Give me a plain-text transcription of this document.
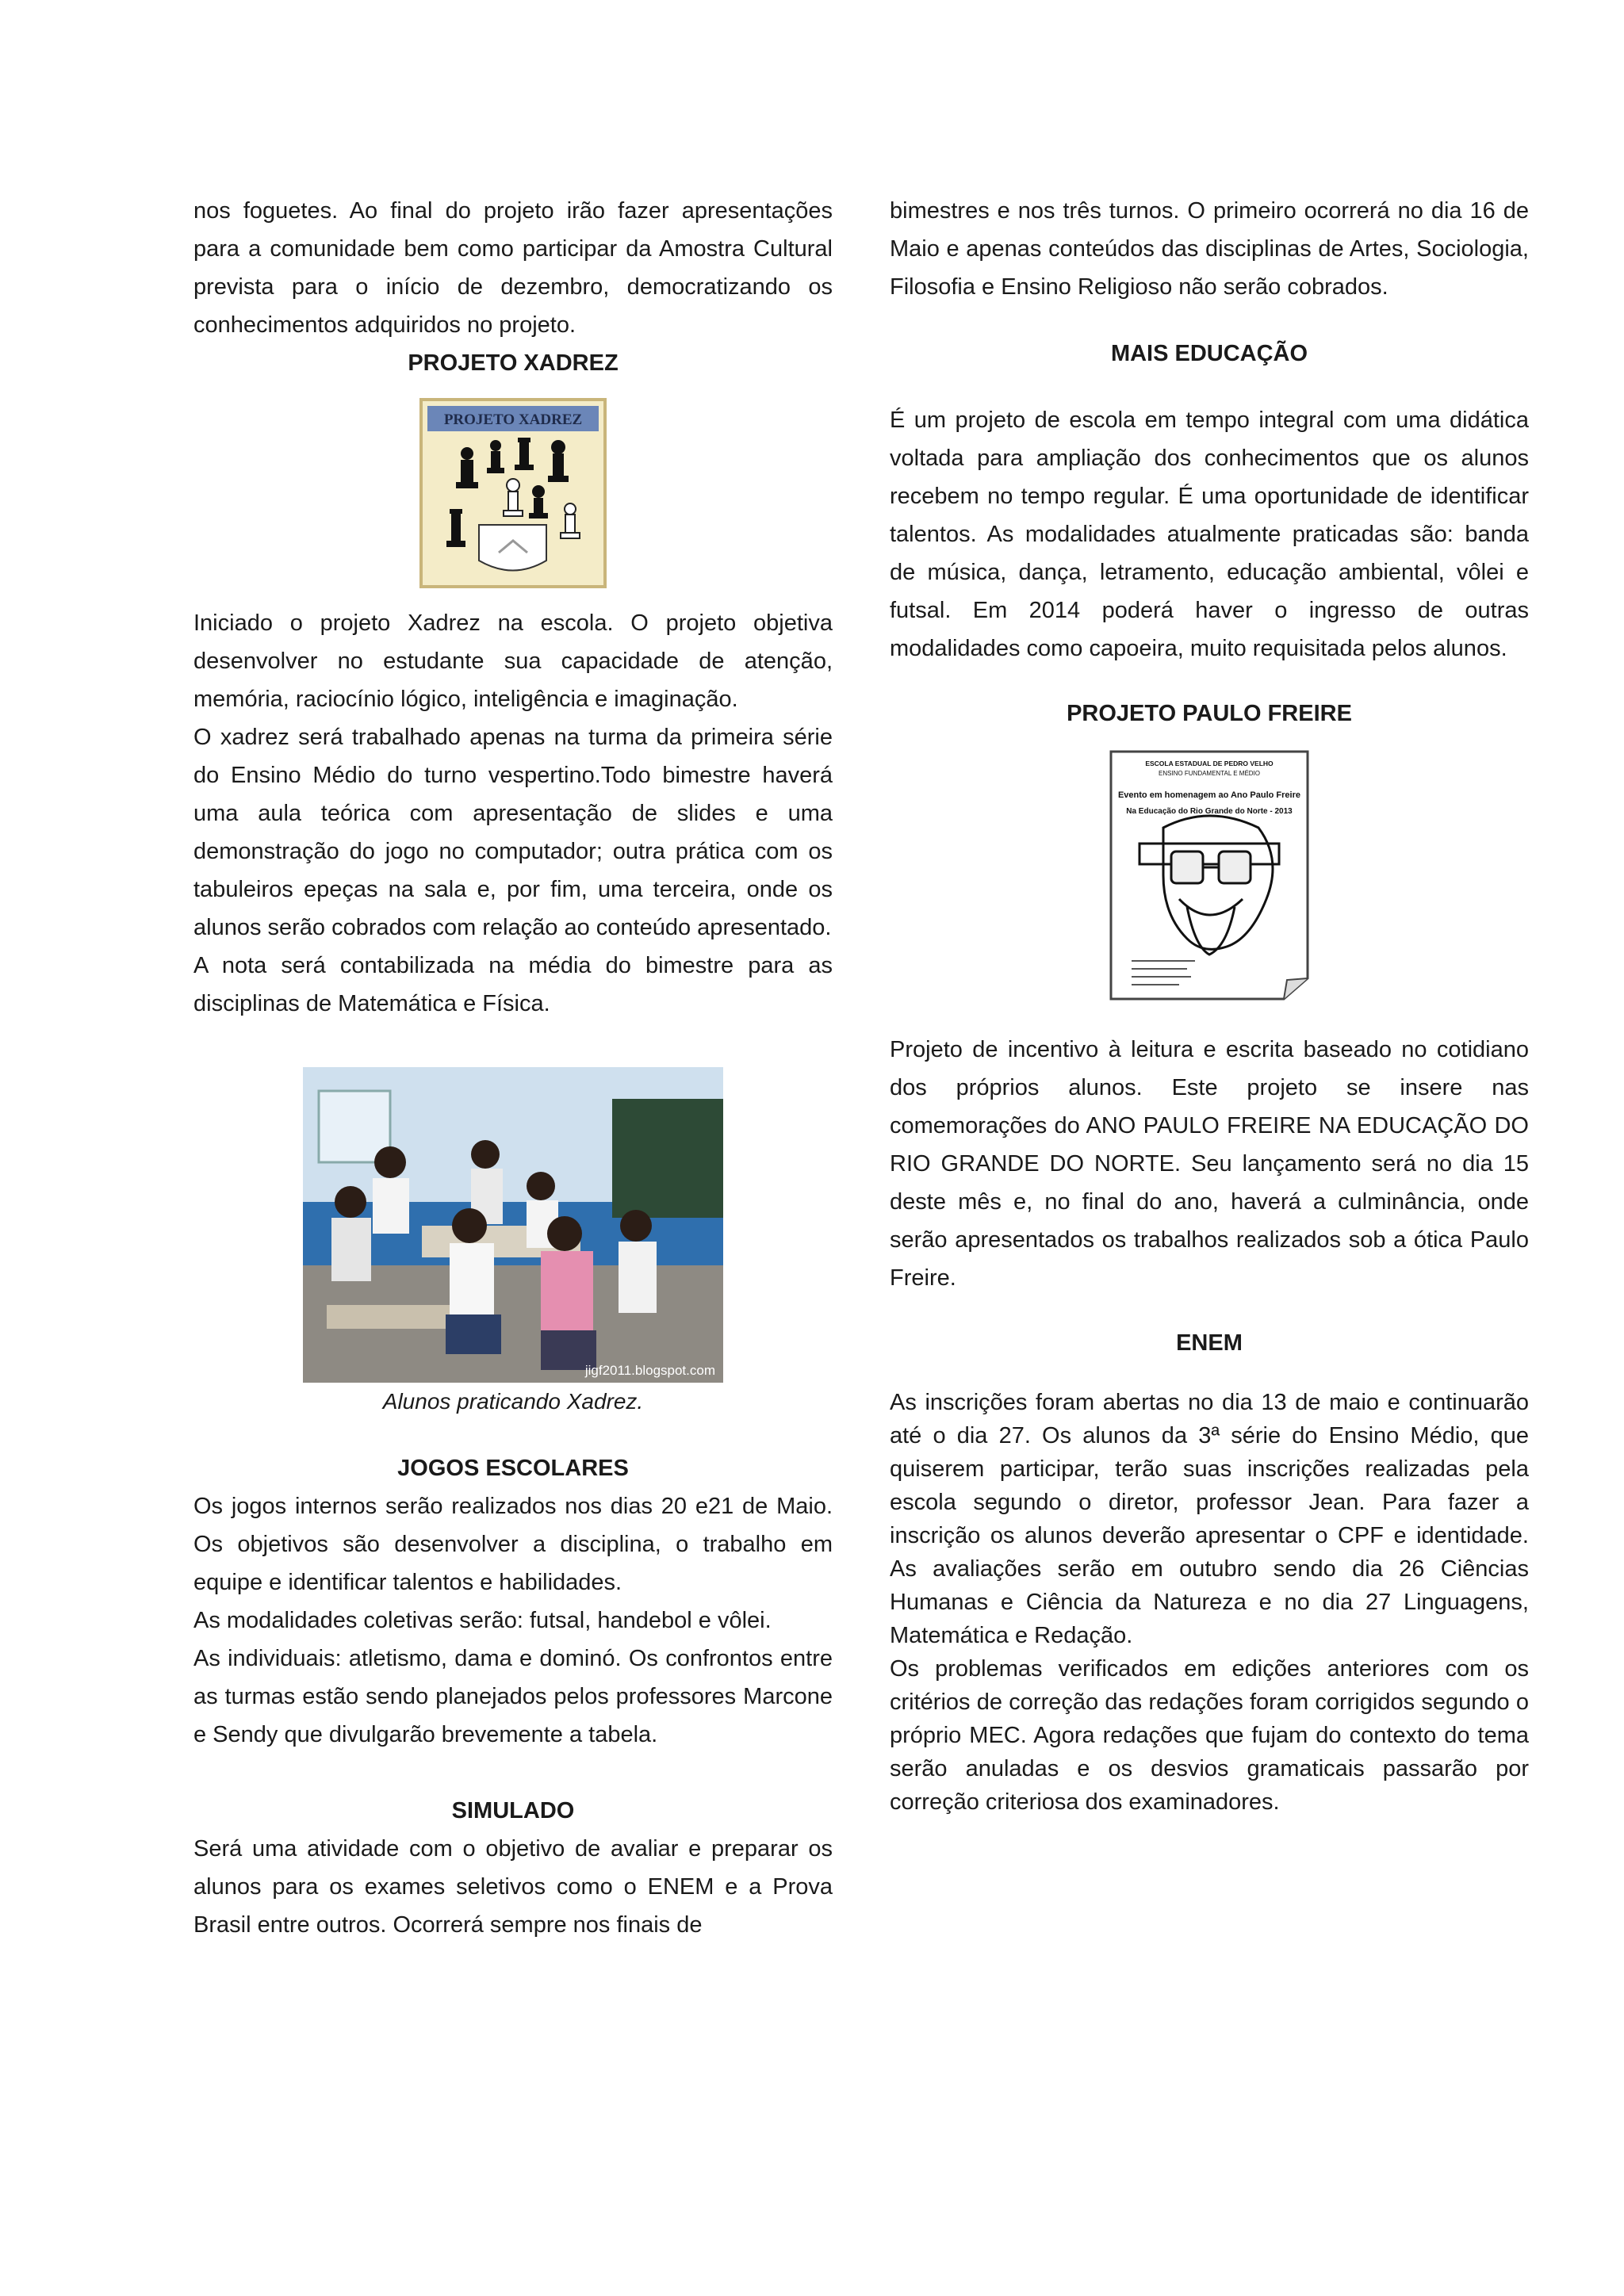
nos foguetes. Ao final do projeto irão fazer apresentações para a comunidade bem como participar da Amostra Cultural prevista para o início de dezembro, democratizando os conhecimentos adquiridos no projeto.

PROJETO XADREZ
PROJETO XADREZ

Iniciado o projeto Xadrez na escola. O projeto objetiva desenvolver no estudante sua capacidade de atenção, memória, raciocínio lógico, inteligência e imaginação.

O xadrez será trabalhado apenas na turma da primeira série do Ensino Médio do turno vespertino.Todo bimestre haverá uma aula teórica com apresentação de slides e uma demonstração do jogo no computador; outra prática com os tabuleiros epeças na sala e, por fim, uma terceira, onde os alunos serão cobrados com relação ao conteúdo apresentado.

A nota será contabilizada na média do bimestre para as disciplinas de Matemática e Física.

jigf2011.blogspot.com

Alunos praticando Xadrez.

JOGOS ESCOLARES

Os jogos internos serão realizados nos dias 20 e21 de Maio. Os objetivos são desenvolver a disciplina, o trabalho em equipe e identificar talentos e habilidades.

As modalidades coletivas serão: futsal, handebol e vôlei.

As individuais: atletismo, dama e dominó. Os confrontos entre as turmas estão sendo planejados pelos professores Marcone e Sendy que divulgarão brevemente a tabela.

SIMULADO

Será uma atividade com o objetivo de avaliar e preparar os alunos para os exames seletivos como o ENEM e a Prova Brasil entre outros. Ocorrerá sempre nos finais de

bimestres e nos três turnos. O primeiro ocorrerá no dia 16 de Maio e apenas conteúdos das disciplinas de Artes, Sociologia, Filosofia e Ensino Religioso não serão cobrados.

MAIS EDUCAÇÃO

É um projeto de escola em tempo integral com uma didática voltada para ampliação dos conhecimentos que os alunos recebem no tempo regular. É uma oportunidade de identificar talentos. As modalidades atualmente praticadas são: banda de música, dança, letramento, educação ambiental, vôlei e futsal. Em 2014 poderá haver o ingresso de outras modalidades como capoeira, muito requisitada pelos alunos.

PROJETO PAULO FREIRE
ESCOLA ESTADUAL DE PEDRO VELHO
ENSINO FUNDAMENTAL E MÉDIO
Evento em homenagem ao Ano Paulo Freire
Na Educação do Rio Grande do Norte - 2013

Projeto de incentivo à leitura e escrita baseado no cotidiano dos próprios alunos. Este projeto se insere nas comemorações do ANO PAULO FREIRE NA EDUCAÇÃO DO RIO GRANDE DO NORTE. Seu lançamento será no dia 15 deste mês e, no final do ano, haverá a culminância, onde serão apresentados os trabalhos realizados sob a ótica Paulo Freire.

ENEM

As inscrições foram abertas no dia 13 de maio e continuarão até o dia 27. Os alunos da 3ª série do Ensino Médio, que quiserem participar, terão suas inscrições realizadas pela escola segundo o diretor, professor Jean. Para fazer a inscrição os alunos deverão apresentar o CPF e identidade. As avaliações serão em outubro sendo dia 26 Ciências Humanas e Ciência da Natureza e no dia 27 Linguagens, Matemática e Redação.

Os problemas verificados em edições anteriores com os critérios de correção das redações foram corrigidos segundo o próprio MEC. Agora redações que fujam do contexto do tema serão anuladas e os desvios gramaticais passarão por correção criteriosa dos examinadores.
